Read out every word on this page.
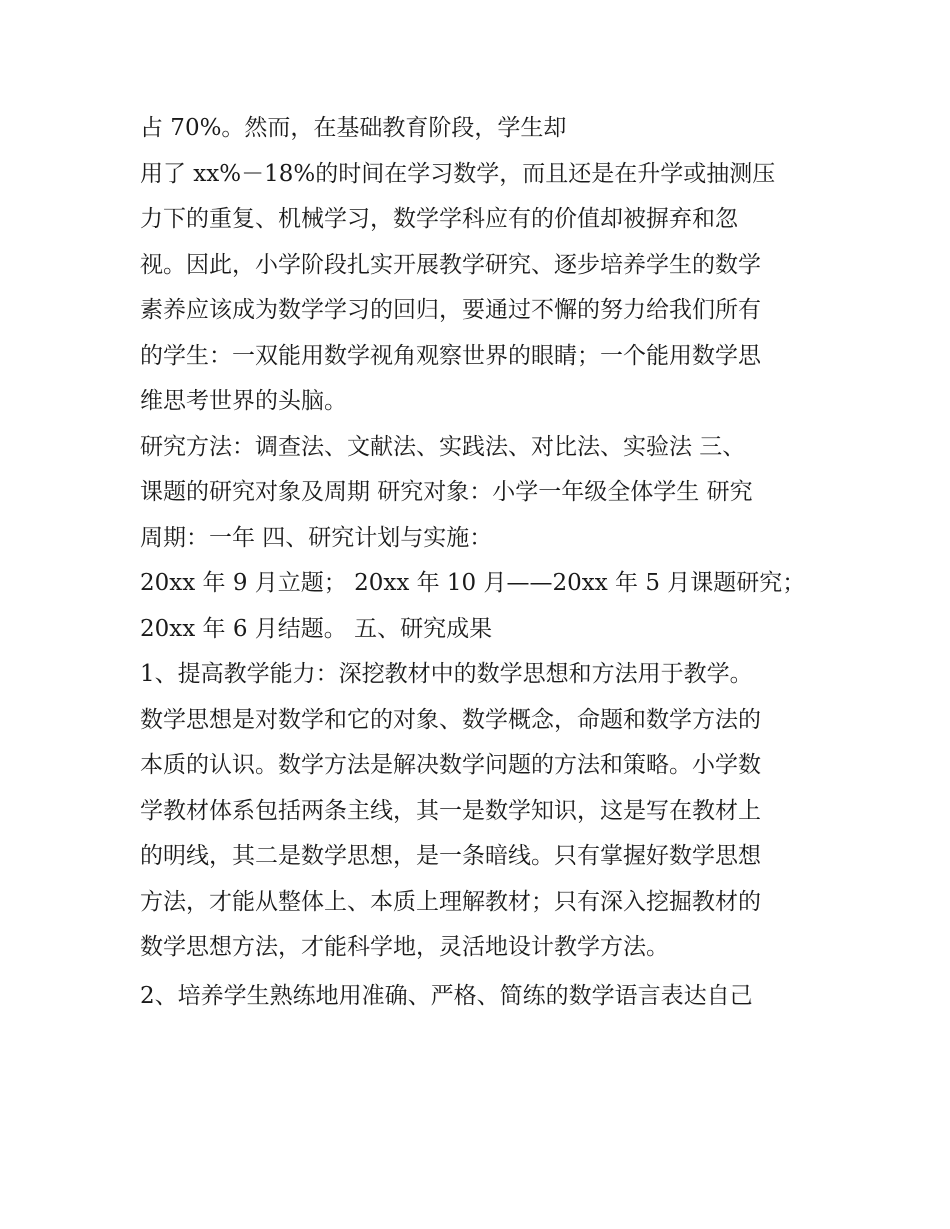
占 70%。然而，在基础教育阶段，学生却
用了 xx%－18%的时间在学习数学，而且还是在升学或抽测压
力下的重复、机械学习，数学学科应有的价值却被摒弃和忽
视。因此，小学阶段扎实开展教学研究、逐步培养学生的数学
素养应该成为数学学习的回归，要通过不懈的努力给我们所有
的学生：一双能用数学视角观察世界的眼睛；一个能用数学思
维思考世界的头脑。
研究方法：调查法、文献法、实践法、对比法、实验法 三、
课题的研究对象及周期 研究对象：小学一年级全体学生 研究
周期：一年 四、研究计划与实施：
20xx 年 9 月立题； 20xx 年 10 月——20xx 年 5 月课题研究；
20xx 年 6 月结题。 五、研究成果
1、提高教学能力：深挖教材中的数学思想和方法用于教学。
数学思想是对数学和它的对象、数学概念，命题和数学方法的
本质的认识。数学方法是解决数学问题的方法和策略。小学数
学教材体系包括两条主线，其一是数学知识，这是写在教材上
的明线，其二是数学思想，是一条暗线。只有掌握好数学思想
方法，才能从整体上、本质上理解教材；只有深入挖掘教材的
数学思想方法，才能科学地，灵活地设计教学方法。
2、培养学生熟练地用准确、严格、简练的数学语言表达自己
